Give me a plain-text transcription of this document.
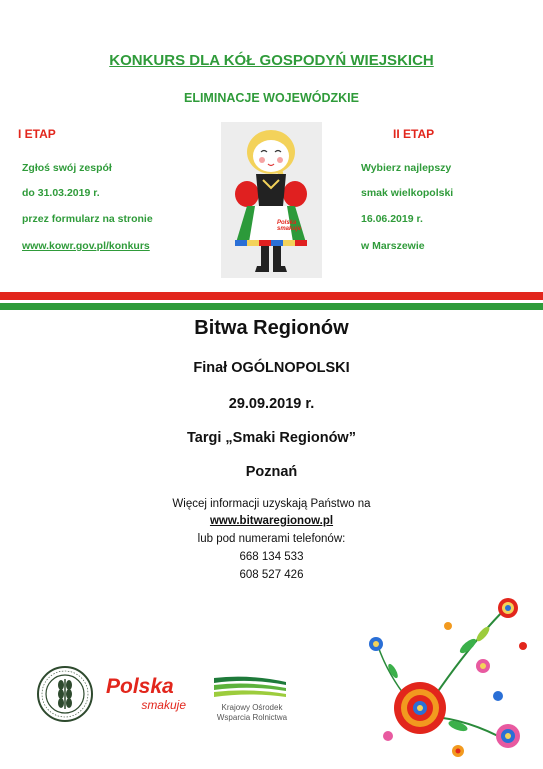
KONKURS DLA KÓŁ GOSPODYŃ WIEJSKICH
ELIMINACJE WOJEWÓDZKIE
I ETAP
Zgłoś swój zespół
do 31.03.2019 r.
przez formularz na stronie
www.kowr.gov.pl/konkurs
II ETAP
Wybierz najlepszy
smak wielkopolski
16.06.2019 r.
w Marszewie
Polska smakuje
Bitwa Regionów
Finał OGÓLNOPOLSKI
29.09.2019 r.
Targi „Smaki Regionów”
Poznań
Więcej informacji uzyskają Państwo na
www.bitwaregionow.pl
lub pod numerami telefonów:
668 134 533
608 527 426
Polska
smakuje	Krajowy Ośrodek
Wsparcia Rolnictwa
